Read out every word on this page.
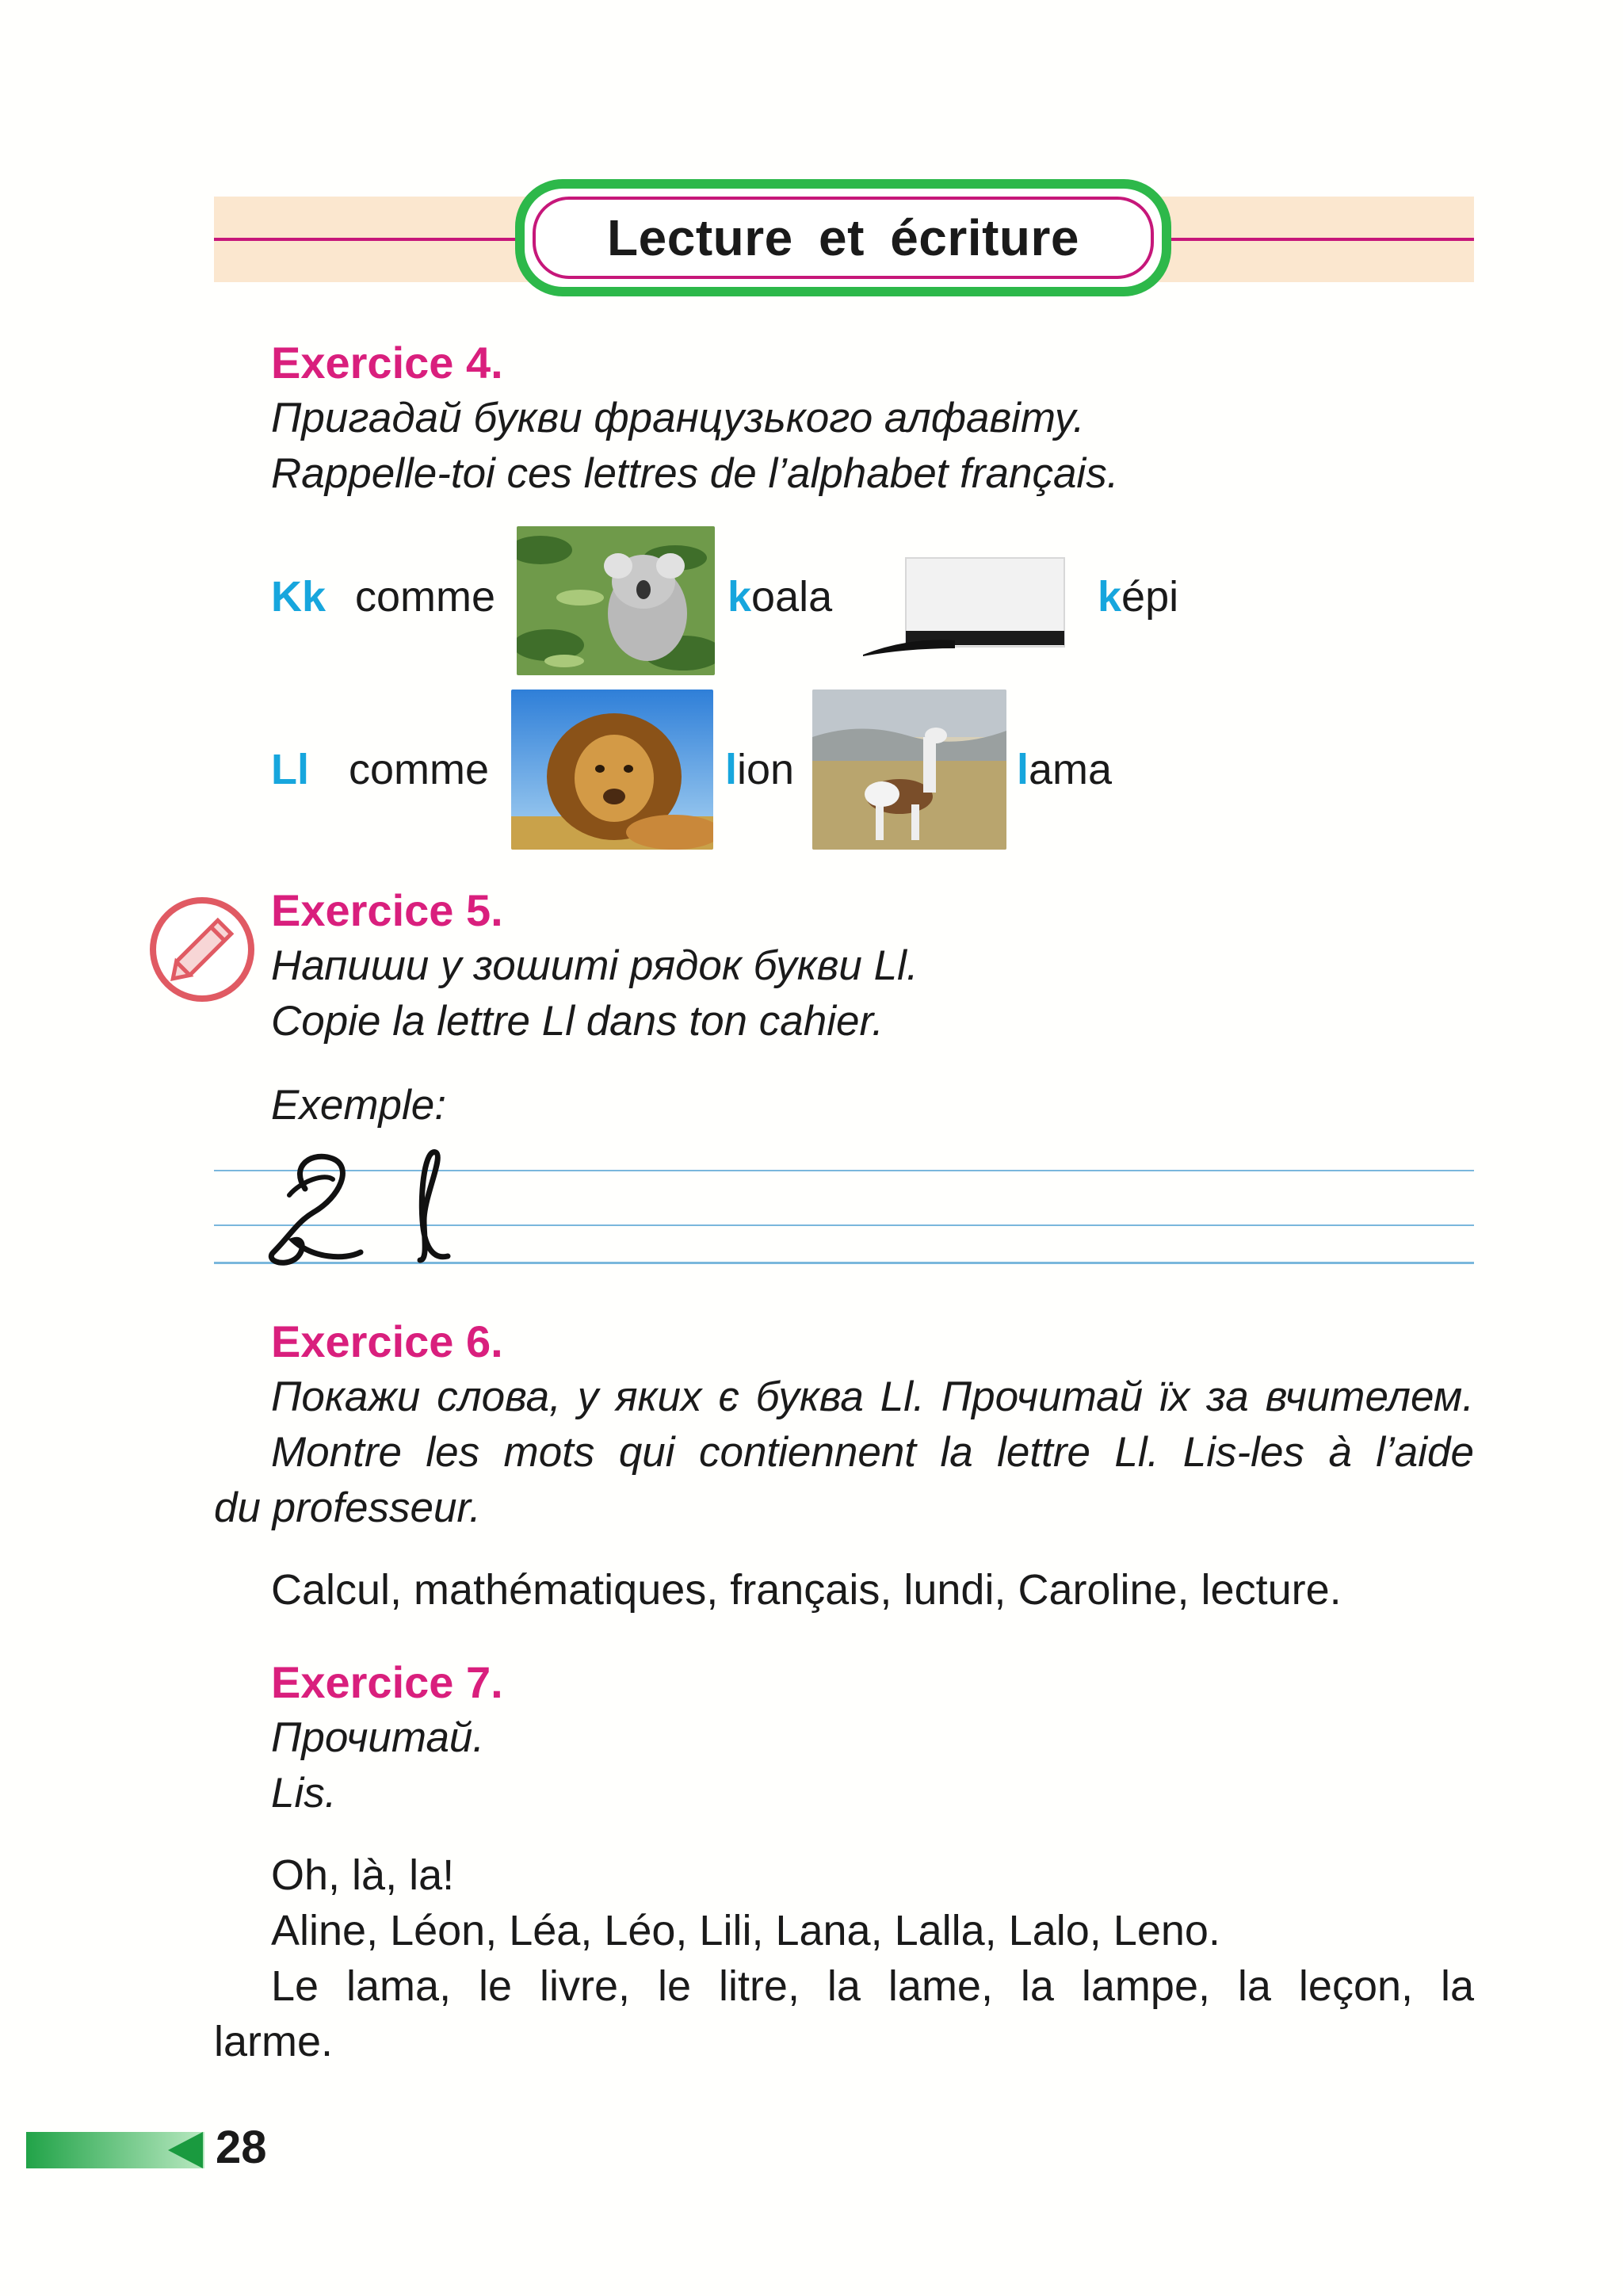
Lecture et écriture
Exercice 4.
Пригадай букви французького алфавіту.
Rappelle-toi ces lettres de l’alphabet français.
Kk comme	koala	képi
Ll comme	lion	lama
Exercice 5.
Напиши у зошиті рядок букви Ll.
Copie la lettre Ll dans ton cahier.
Exemple:
Exercice 6.
Покажи слова, у яких є буква Ll. Прочитай їх за вчителем.
Montre les mots qui contiennent la lettre Ll. Lis-les à l’aide
du professeur.
Calcul, mathématiques, français, lundi, Caroline, lecture.
Exercice 7.
Прочитай.
Lis.
Oh, là, la!
Aline, Léon, Léa, Léo, Lili, Lana, Lalla, Lalo, Leno.
Le lama, le livre, le litre, la lame, la lampe, la leçon, la
larme.
28
